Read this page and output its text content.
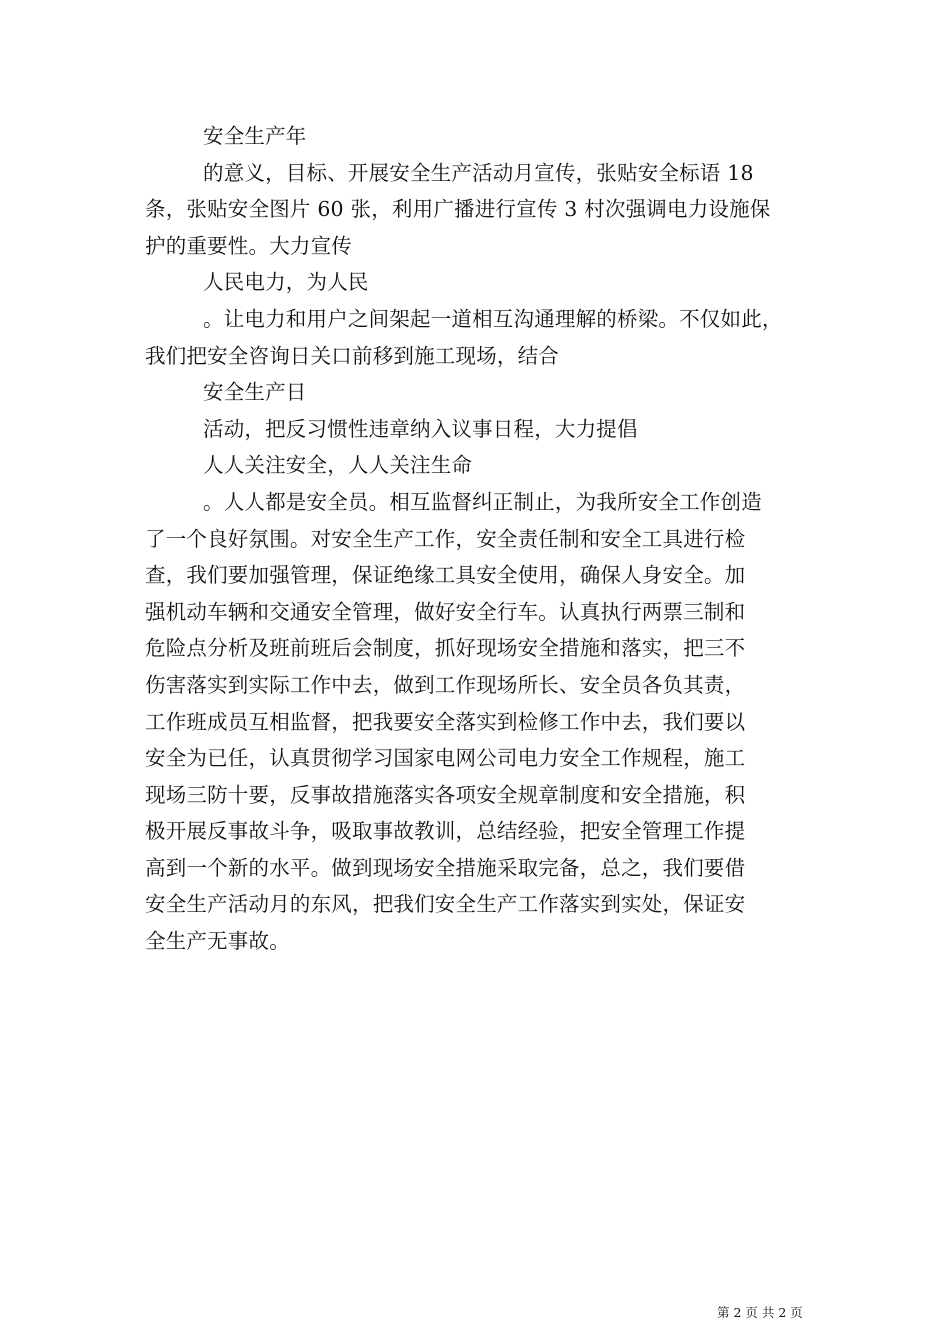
安全生产年
的意义，目标、开展安全生产活动月宣传，张贴安全标语 18
条，张贴安全图片 60 张，利用广播进行宣传 3 村次强调电力设施保
护的重要性。大力宣传
人民电力，为人民
。让电力和用户之间架起一道相互沟通理解的桥梁。不仅如此，
我们把安全咨询日关口前移到施工现场，结合
安全生产日
活动，把反习惯性违章纳入议事日程，大力提倡
人人关注安全，人人关注生命
。人人都是安全员。相互监督纠正制止，为我所安全工作创造
了一个良好氛围。对安全生产工作，安全责任制和安全工具进行检
查，我们要加强管理，保证绝缘工具安全使用，确保人身安全。加
强机动车辆和交通安全管理，做好安全行车。认真执行两票三制和
危险点分析及班前班后会制度，抓好现场安全措施和落实，把三不
伤害落实到实际工作中去，做到工作现场所长、安全员各负其责，
工作班成员互相监督，把我要安全落实到检修工作中去，我们要以
安全为已任，认真贯彻学习国家电网公司电力安全工作规程，施工
现场三防十要，反事故措施落实各项安全规章制度和安全措施，积
极开展反事故斗争，吸取事故教训，总结经验，把安全管理工作提
高到一个新的水平。做到现场安全措施采取完备，总之，我们要借
安全生产活动月的东风，把我们安全生产工作落实到实处，保证安
全生产无事故。
第 2 页 共 2 页
